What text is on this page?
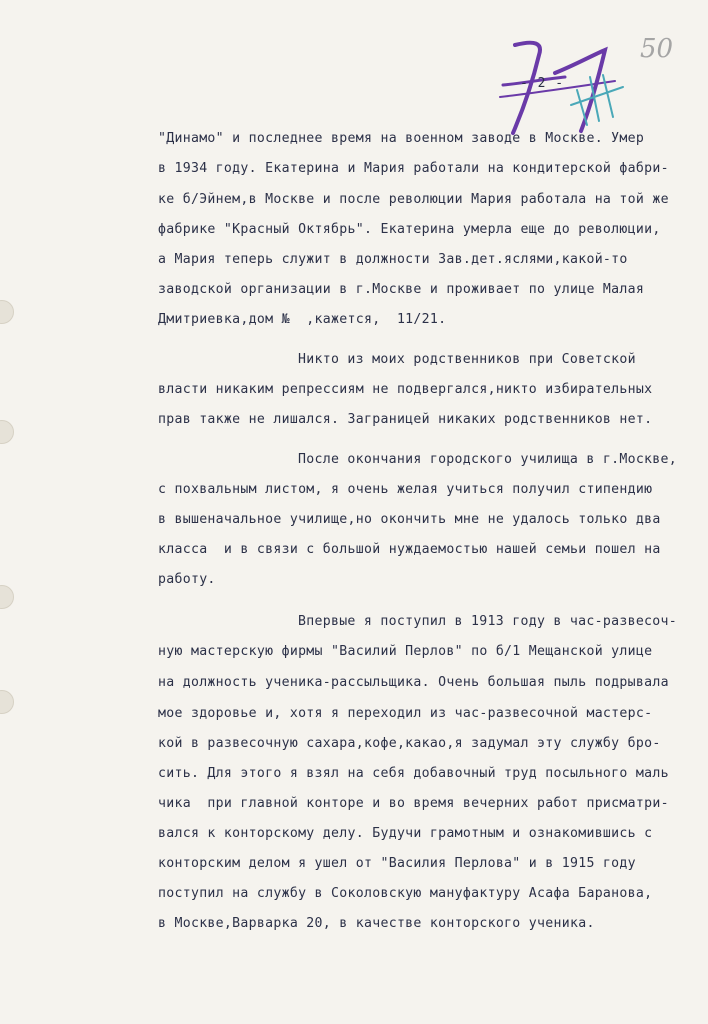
50
- 2 -
"Динамо" и последнее время на военном заводе в Москве. Умер
в 1934 году. Екатерина и Мария работали на кондитерской фабри-
ке б/Эйнем,в Москве и после революции Мария работала на той же
фабрике "Красный Октябрь". Екатерина умерла еще до революции,
а Мария теперь служит в должности Зав.дет.яслями,какой-то
заводской организации в г.Москве и проживает по улице Малая
Дмитриевка,дом №  ,кажется,  11/21.
Никто из моих родственников при Советской
власти никаким репрессиям не подвергался,никто избирательных
прав также не лишался. Заграницей никаких родственников нет.
После окончания городского училища в г.Москве,
с похвальным листом, я очень желая учиться получил стипендию
в вышеначальное училище,но окончить мне не удалось только два
класса  и в связи с большой нуждаемостью нашей семьи пошел на
работу.
Впервые я поступил в 1913 году в час-развесоч-
ную мастерскую фирмы "Василий Перлов" по б/1 Мещанской улице
на должность ученика-рассыльщика. Очень большая пыль подрывала
мое здоровье и, хотя я переходил из час-развесочной мастерс-
кой в развесочную сахара,кофе,какао,я задумал эту службу бро-
сить. Для этого я взял на себя добавочный труд посыльного маль
чика  при главной конторе и во время вечерних работ присматри-
вался к конторскому делу. Будучи грамотным и ознакомившись с
конторским делом я ушел от "Василия Перлова" и в 1915 году
поступил на службу в Соколовскую мануфактуру Асафа Баранова,
в Москве,Варварка 20, в качестве конторского ученика.
